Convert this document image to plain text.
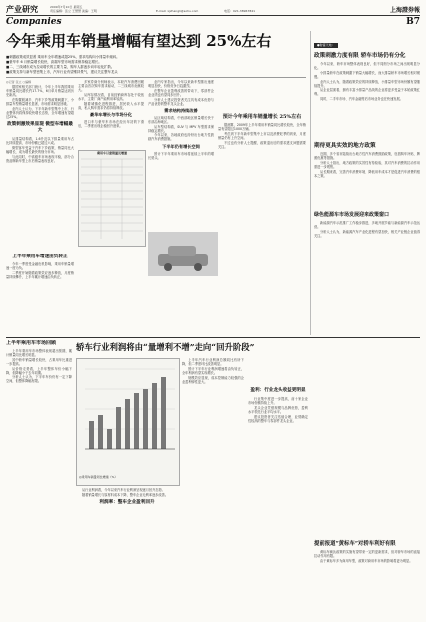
产业研究	2009年7月10日 星期五
责任编辑：张立 王慧慧 美编：王明	E-mail: xjzhangli@sohu.com	电话：021-38967841	上海證券報
Companies	B7
今年乘用车销量增幅有望达到 25%左右
■刺激政策成效显著 乘用车全年增速或超25%，需求结构向小排量车倾斜。
■豪华车 6 月销量增长较快，高端车型市场需求保持稳定增长。
■二、三线城市成为拉动增长的主要力量，购车人群逐步向年轻化扩散。
■政策支持与新车型密集上市，汽车行业有望维持景气，建议关注整车龙头
◎记者 张立 ○编辑

据国家相关部门统计，今年上半年我国乘用车销量同比增长约17.7%，6月单月销量达到历史新高。

在购置税减半、汽车下乡等政策刺激下，小排量车型销量增长显著，市场需求明显回暖。

业内人士认为，下半年新车型集中上市，行业整体仍将保持较快增长态势，全年增速有望超过25%。

政策刺激效果显现 微型车增幅最大

从排量结构看，1.6升及以下排量乘用车占比持续提高，市场份额已超过六成。

微型客车受益于汽车下乡政策，销量同比大幅增长，成为增长最快的细分市场。

与此同时，中高级车市场表现平稳，部分合资品牌新车型上市后销量表现良好。

多家券商分析师表示，本轮汽车消费回暖主要由首次购车需求驱动，二三线城市贡献较大。

从库存情况看，目前经销商库存处于较低水平，主要厂商产能利用率较高。

随着城镇化进程推进，居民收入水平提高，私人购车需求仍将持续释放。

豪华车增长与市场分化

进口车与豪华车市场在经历年初的下滑后，二季度出现企稳回升迹象。

乘用车月度销量及增速

业内专家指出，今年以来新车型推出速度明显加快，价格竞争日趋激烈。

在整车企业盈利改善的带动下，零部件企业业绩也有望同步回升。

分析人士建议投资者关注具有成本优势与产品优势的整车龙头企业。

需求结构持续改善

从区域结构看，中西部地区销量增长快于东部沿海地区。

从车型结构看，SUV 与 MPV 车型需求保持稳定增长。

今年以来，各地政府也纷纷出台地方性鼓励汽车消费措施。

下半年仍有增长空间

预计下半年乘用车市场将延续上半年的增长势头。

预计今年乘用车销量增长 25%左右

据测算，2009年上半年乘用车销量同比增长较快，全年销量有望超过1000万辆。

考虑到下半年新车型集中上市以及消费旺季的到来，月度销量仍有上升空间。

不过也有分析人士提醒，政策退出后的需求透支问题需要关注。

上半年乘用车增速由负转正

今年一季度受金融危机影响，乘用车销量增速一度为负。

二季度开始随着政策效应逐步释放，月度销量持续攀升，上半年累计增速由负转正。

●财富天地：
政策刺激力度有限 轿车市场仍有分化

今年以来，轿车市场整体表现良好，但不同细分市场之间出现明显分化。

小排量轿车在政策刺激下销量大幅增长，而大排量轿车市场增长相对缓慢。

业内人士认为，随着政策效应的持续释放，小排量车型市场份额有望继续提升。

从企业层面看，拥有丰富小排量产品线的企业将更多受益于本轮政策红利。

同时，二手车市场、汽车金融等后市场业务也在快速发展。

期待更具实效的地方政策

近期，多个省市陆续出台地方性汽车消费鼓励政策，包括购车补贴、牌照优惠等措施。

分析人士指出，地方政策的实效性有待检验，其对汽车消费的拉动作用需进一步观察。

从长期来看，完善汽车消费环境、降低用车成本才是促进汽车消费的根本之策。

绿色能源车市场发展迎来政策窗口

新能源汽车示范推广工作稳步推进，多地开展节能与新能源汽车示范运营。

分析人士认为，新能源汽车产业化进程有望加快，相关产业链企业值得关注。

上半年乘用车市场回顾

上半年乘用车市场整体表现超出预期，累计销量同比增长明显。

其中轿车销量增长较快，占乘用车比重进一步提高。

从价格走势看，上半年整体车价小幅下降，但降幅小于去年同期。

分析人士认为，下半年车价仍有一定下降空间，但整体降幅有限。

轿车行业利润将由“量增利不增”走向“回升阶段”
◎乘用车销量同比增速（%）

从行业利润看，今年以来汽车行业利润呈现逐月回升态势。

随着销量增长与原材料成本下降，整车企业毛利率逐步改善。

利润率：整车企业盈利回升

上半年汽车行业利润总额同比有所下降，但二季度环比改善明显。

预计下半年行业利润增速将由负转正，全年利润有望实现增长。

规模效应显现，成本控制能力较强的企业盈利弹性更大。

盈利：行业龙头收益更明显

行业集中度进一步提高，前十家企业市场份额持续上升。

龙头企业凭借规模与品牌优势，盈利水平领先行业平均水平。

建议投资者关注估值合理、业绩确定性较高的整车与零部件龙头企业。

提前报道“黄标车”对轿车利好有限

黄标车淘汰政策的实施有望带来一定的更新需求，但对轿车市场的直接拉动作用有限。

由于黄标车多为商用车型，政策对商用车市场的影响将更为明显。
